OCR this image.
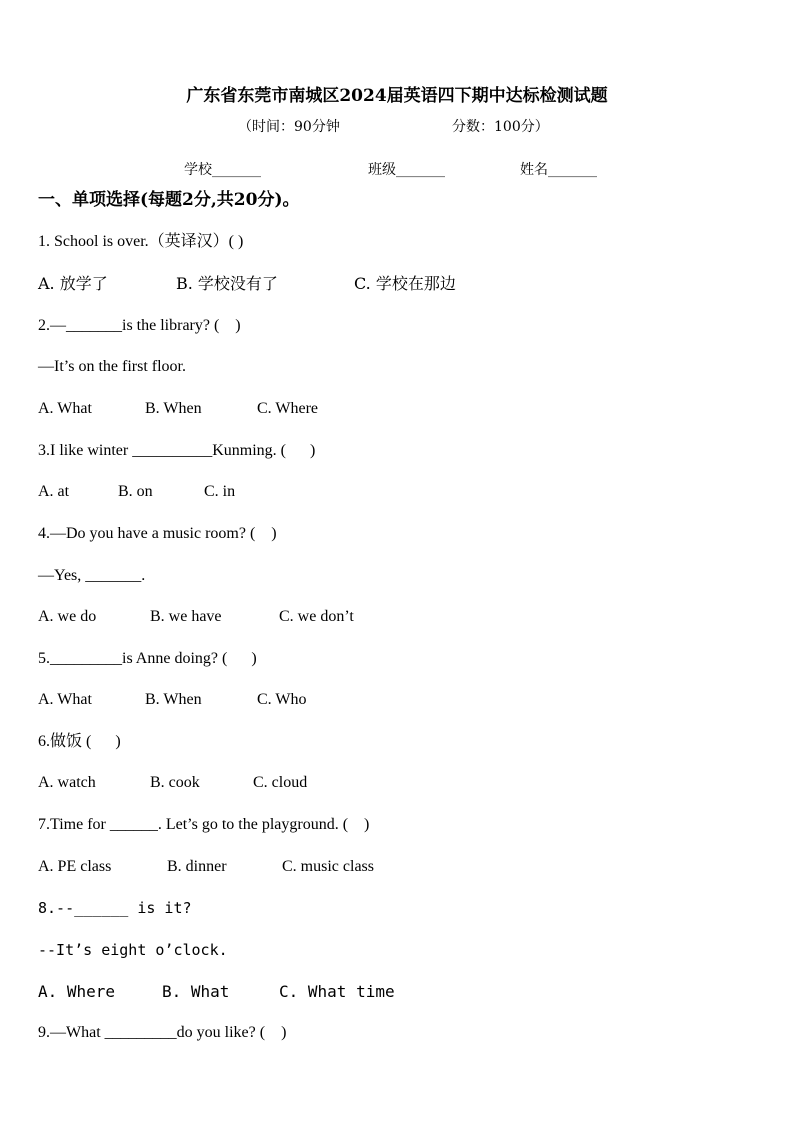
广东省东莞市南城区2024届英语四下期中达标检测试题
（时间：90分钟	分数：100分）
学校_______	班级_______	姓名_______
一、单项选择(每题2分,共20分)。
1. School is over.（英译汉）( )
A. 放学了	B. 学校没有了	C. 学校在那边
2.—_______is the library? (    )
—It’s on the first floor.
A. What	B. When	C. Where
3.I like winter __________Kunming. (      )
A. at	B. on	C. in
4.—Do you have a music room? (    )
—Yes, _______.
A. we do	B. we have	C. we don’t
5._________is Anne doing? (      )
A. What	B. When	C. Who
6.做饭 (      )
A. watch	B. cook	C. cloud
7.Time for ______. Let’s go to the playground. (    )
A. PE class	B. dinner	C. music class
8.--______ is it?
--It’s eight o’clock.
A. Where	B. What	C. What time
9.—What _________do you like? (    )
